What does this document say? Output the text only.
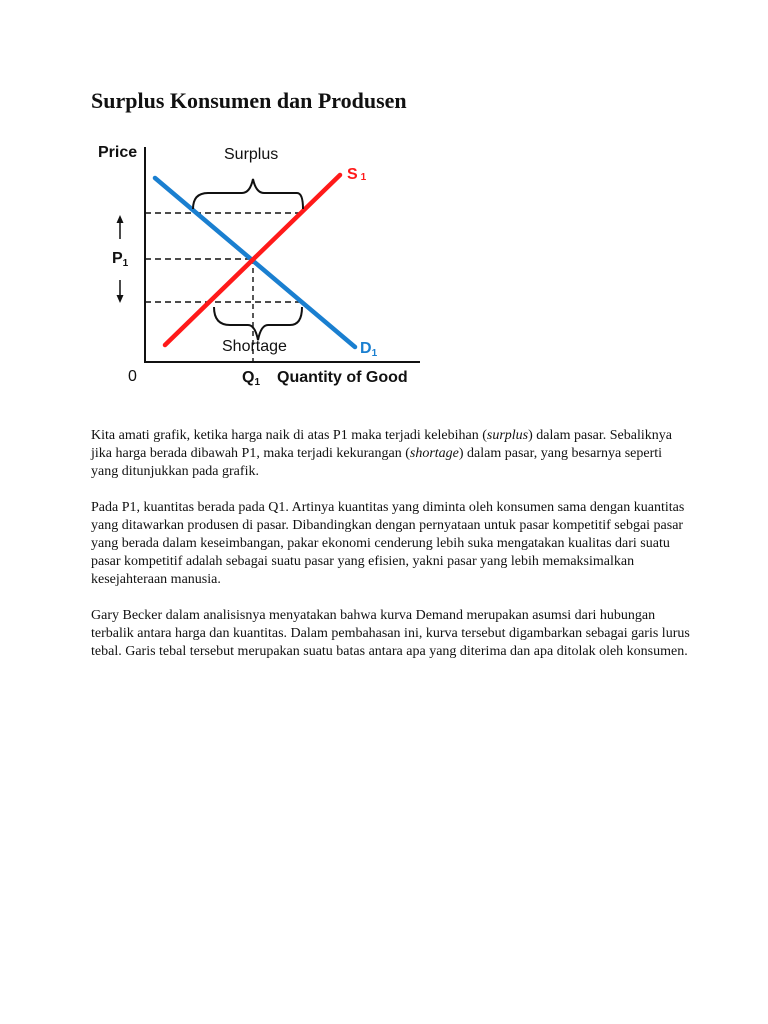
Surplus Konsumen dan Produsen
Price	Surplus
Shortage
0	Quantity of Good
S 1
D1
P1
Q1

Kita amati grafik, ketika harga naik di atas P1 maka terjadi kelebihan (surplus) dalam pasar. Sebaliknya jika harga berada dibawah P1, maka terjadi kekurangan (shortage) dalam pasar, yang besarnya seperti yang ditunjukkan pada grafik.

Pada P1, kuantitas berada pada Q1. Artinya kuantitas yang diminta oleh konsumen sama dengan kuantitas yang ditawarkan produsen di pasar. Dibandingkan dengan pernyataan untuk pasar kompetitif sebgai pasar yang berada dalam keseimbangan, pakar ekonomi cenderung lebih suka mengatakan kualitas dari suatu pasar kompetitif adalah sebagai suatu pasar yang efisien, yakni pasar yang lebih memaksimalkan kesejahteraan manusia.

Gary Becker dalam analisisnya menyatakan bahwa kurva Demand merupakan asumsi dari hubungan terbalik antara harga dan kuantitas. Dalam pembahasan ini, kurva tersebut digambarkan sebagai garis lurus tebal. Garis tebal tersebut merupakan suatu batas antara apa yang diterima dan apa ditolak oleh konsumen.
